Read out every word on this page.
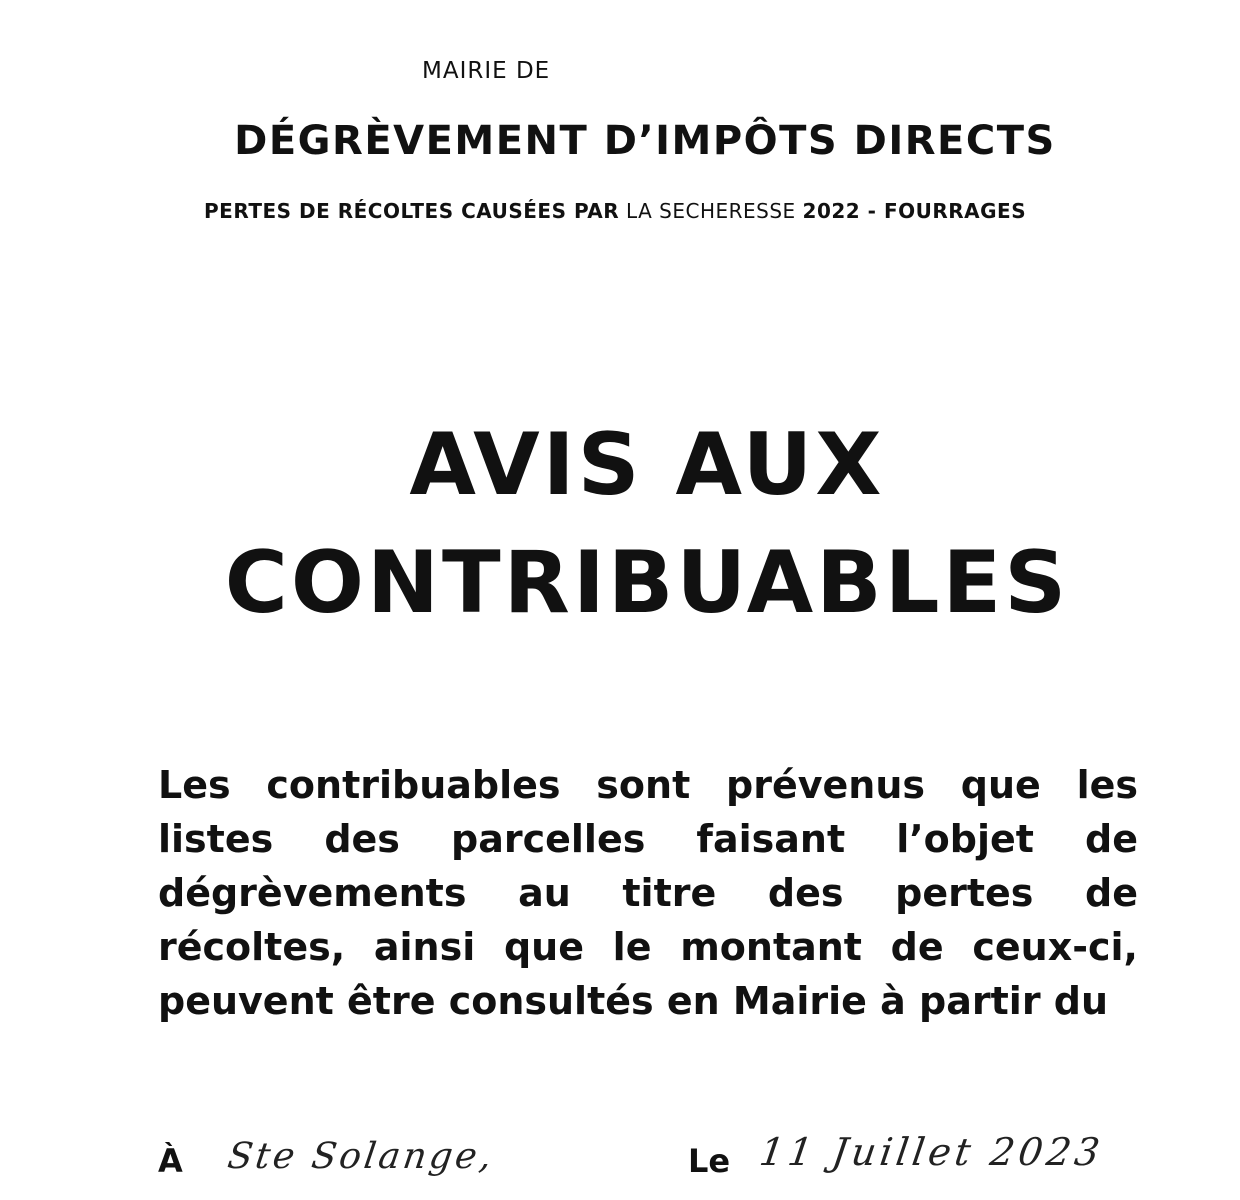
MAIRIE DE
DÉGRÈVEMENT D’IMPÔTS DIRECTS
PERTES DE RÉCOLTES CAUSÉES PAR LA SECHERESSE 2022 - FOURRAGES
AVIS AUX
CONTRIBUABLES
Les contribuables sont prévenus que les listes des parcelles faisant l’objet de dégrèvements au titre des pertes de récoltes, ainsi que le montant de ceux-ci, peuvent être consultés en Mairie à partir du
À Ste Solange,	Le 11 Juillet 2023
